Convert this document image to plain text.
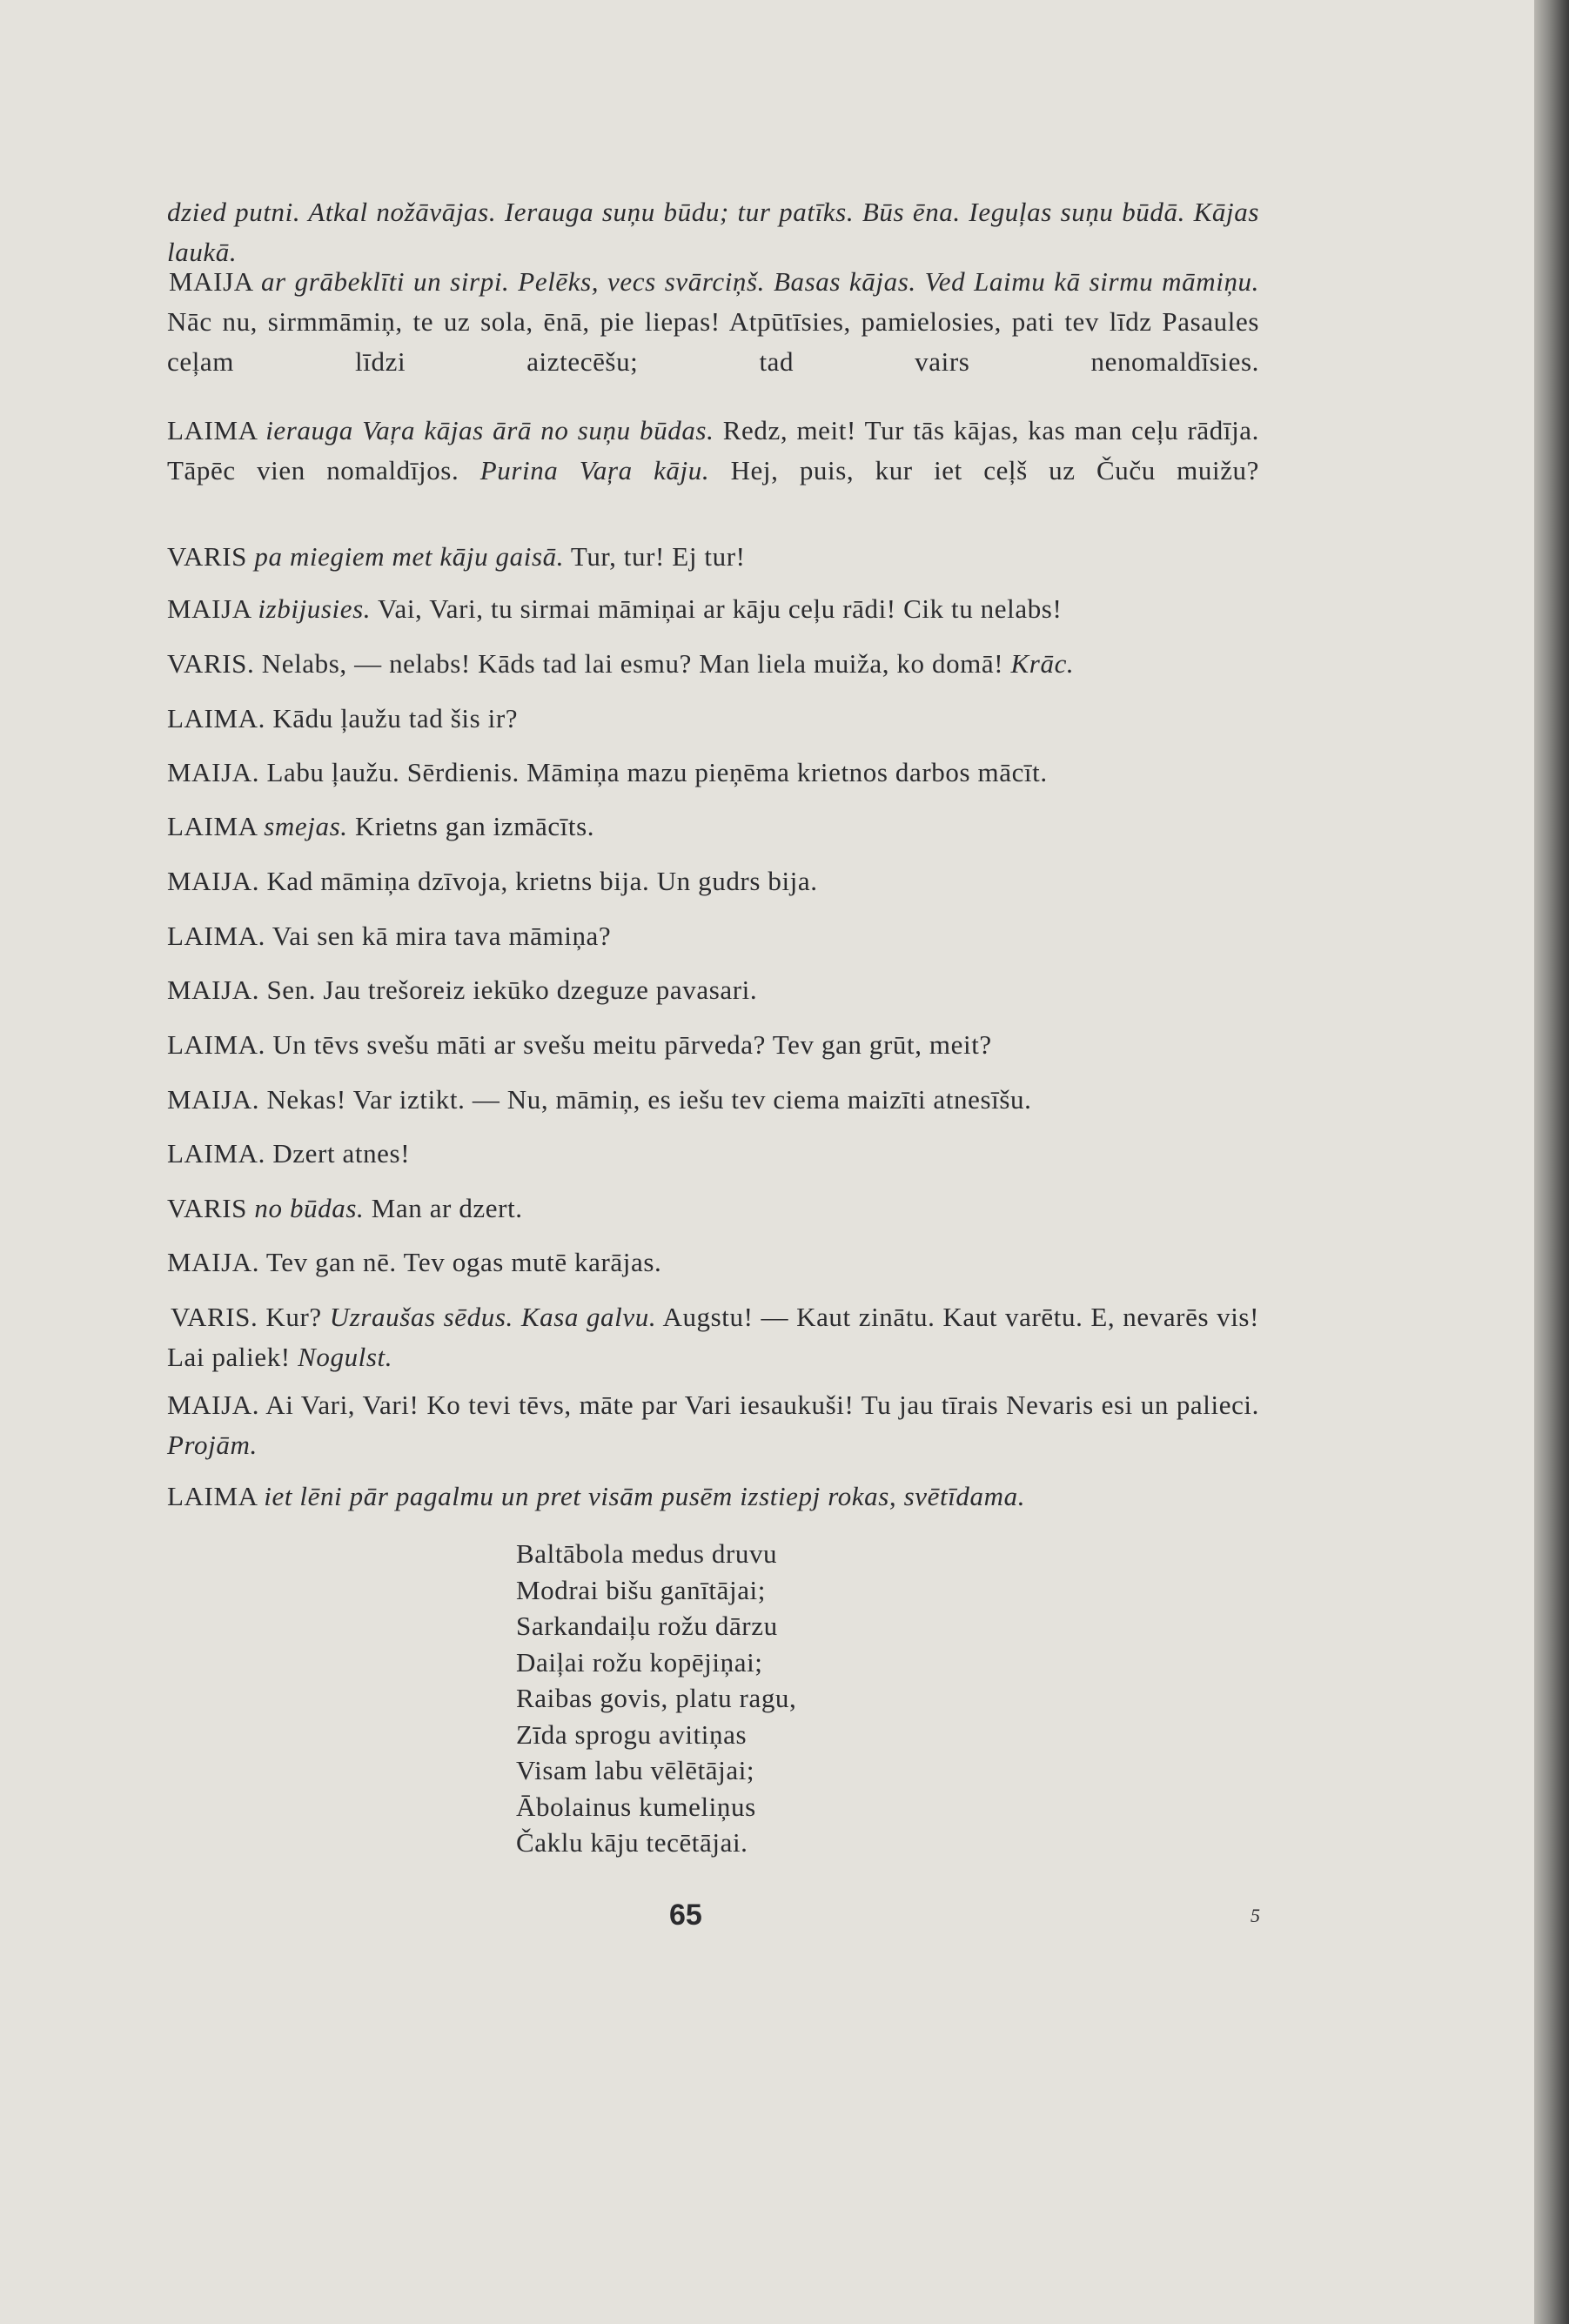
dzied putni. Atkal nožāvājas. Ierauga suņu būdu; tur patīks. Būs ēna. Ieguļas suņu būdā. Kājas laukā.
MAIJA ar grābeklīti un sirpi. Pelēks, vecs svārciņš. Basas kājas. Ved Laimu kā sirmu māmiņu. Nāc nu, sirmmāmiņ, te uz sola, ēnā, pie liepas! Atpūtīsies, pamielosies, pati tev līdz Pasaules ceļam līdzi aiztecēšu; tad vairs nenomaldīsies.
LAIMA ierauga Vaŗa kājas ārā no suņu būdas. Redz, meit! Tur tās kājas, kas man ceļu rādīja. Tāpēc vien nomaldījos. Purina Vaŗa kāju. Hej, puis, kur iet ceļš uz Čuču muižu?
VARIS pa miegiem met kāju gaisā. Tur, tur! Ej tur!
MAIJA izbijusies. Vai, Vari, tu sirmai māmiņai ar kāju ceļu rādi! Cik tu nelabs!
VARIS. Nelabs, — nelabs! Kāds tad lai esmu? Man liela muiža, ko domā! Krāc.
LAIMA. Kādu ļaužu tad šis ir?
MAIJA. Labu ļaužu. Sērdienis. Māmiņa mazu pieņēma krietnos darbos mācīt.
LAIMA smejas. Krietns gan izmācīts.
MAIJA. Kad māmiņa dzīvoja, krietns bija. Un gudrs bija.
LAIMA. Vai sen kā mira tava māmiņa?
MAIJA. Sen. Jau trešoreiz iekūko dzeguze pavasari.
LAIMA. Un tēvs svešu māti ar svešu meitu pārveda? Tev gan grūt, meit?
MAIJA. Nekas! Var iztikt. — Nu, māmiņ, es iešu tev ciema maizīti atnesīšu.
LAIMA. Dzert atnes!
VARIS no būdas. Man ar dzert.
MAIJA. Tev gan nē. Tev ogas mutē karājas.
VARIS. Kur? Uzraušas sēdus. Kasa galvu. Augstu! — Kaut zinātu. Kaut varētu. E, nevarēs vis! Lai paliek! Nogulst.
MAIJA. Ai Vari, Vari! Ko tevi tēvs, māte par Vari iesaukuši! Tu jau tīrais Nevaris esi un palieci. Projām.
LAIMA iet lēni pār pagalmu un pret visām pusēm izstiepj rokas, svētīdama.
Baltābola medus druvu
Modrai bišu ganītājai;
Sarkandaiļu rožu dārzu
Daiļai rožu kopējiņai;
Raibas govis, platu ragu,
Zīda sprogu avitiņas
Visam labu vēlētājai;
Ābolainus kumeliņus
Čaklu kāju tecētājai.
65	5
